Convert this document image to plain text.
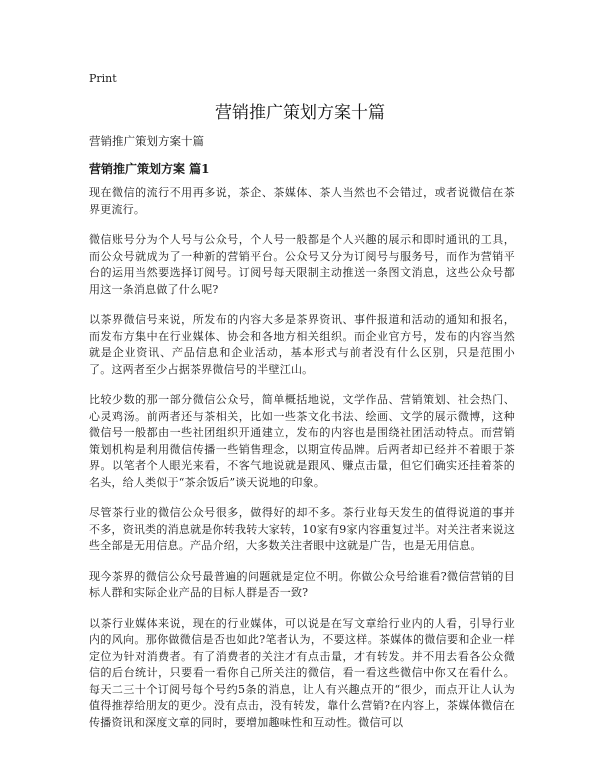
Print
营销推广策划方案十篇

营销推广策划方案十篇

营销推广策划方案 篇1

现在微信的流行不用再多说，茶企、茶媒体、茶人当然也不会错过，或者说微信在茶界更流行。

微信账号分为个人号与公众号，个人号一般都是个人兴趣的展示和即时通讯的工具，而公众号就成为了一种新的营销平台。公众号又分为订阅号与服务号，而作为营销平台的运用当然要选择订阅号。订阅号每天限制主动推送一条图文消息，这些公众号都用这一条消息做了什么呢?

以茶界微信号来说，所发布的内容大多是茶界资讯、事件报道和活动的通知和报名，而发布方集中在行业媒体、协会和各地方相关组织。而企业官方号，发布的内容当然就是企业资讯、产品信息和企业活动，基本形式与前者没有什么区别，只是范围小了。这两者至少占据茶界微信号的半壁江山。

比较少数的那一部分微信公众号，简单概括地说，文学作品、营销策划、社会热门、心灵鸡汤。前两者还与茶相关，比如一些茶文化书法、绘画、文学的展示微博，这种微信号一般都由一些社团组织开通建立，发布的内容也是围绕社团活动特点。而营销策划机构是利用微信传播一些销售理念，以期宣传品牌。后两者却已经并不着眼于茶界。以笔者个人眼光来看，不客气地说就是跟风、赚点击量，但它们确实还挂着茶的名头，给人类似于“茶余饭后”谈天说地的印象。

尽管茶行业的微信公众号很多，做得好的却不多。茶行业每天发生的值得说道的事并不多，资讯类的消息就是你转我转大家转，10家有9家内容重复过半。对关注者来说这些全部是无用信息。产品介绍，大多数关注者眼中这就是广告，也是无用信息。

现今茶界的微信公众号最普遍的问题就是定位不明。你做公众号给谁看?微信营销的目标人群和实际企业产品的目标人群是否一致?

以茶行业媒体来说，现在的行业媒体，可以说是在写文章给行业内的人看，引导行业内的风向。那你做微信是否也如此?笔者认为，不要这样。茶媒体的微信要和企业一样定位为针对消费者。有了消费者的关注才有点击量，才有转发。并不用去看各公众微信的后台统计，只要看一看你自己所关注的微信，看一看这些微信中你又在看什么。每天二三十个订阅号每个号约5条的消息，让人有兴趣点开的“很少，而点开让人认为值得推荐给朋友的更少。没有点击，没有转发，靠什么营销?在内容上，茶媒体微信在传播资讯和深度文章的同时，要增加趣味性和互动性。微信可以
